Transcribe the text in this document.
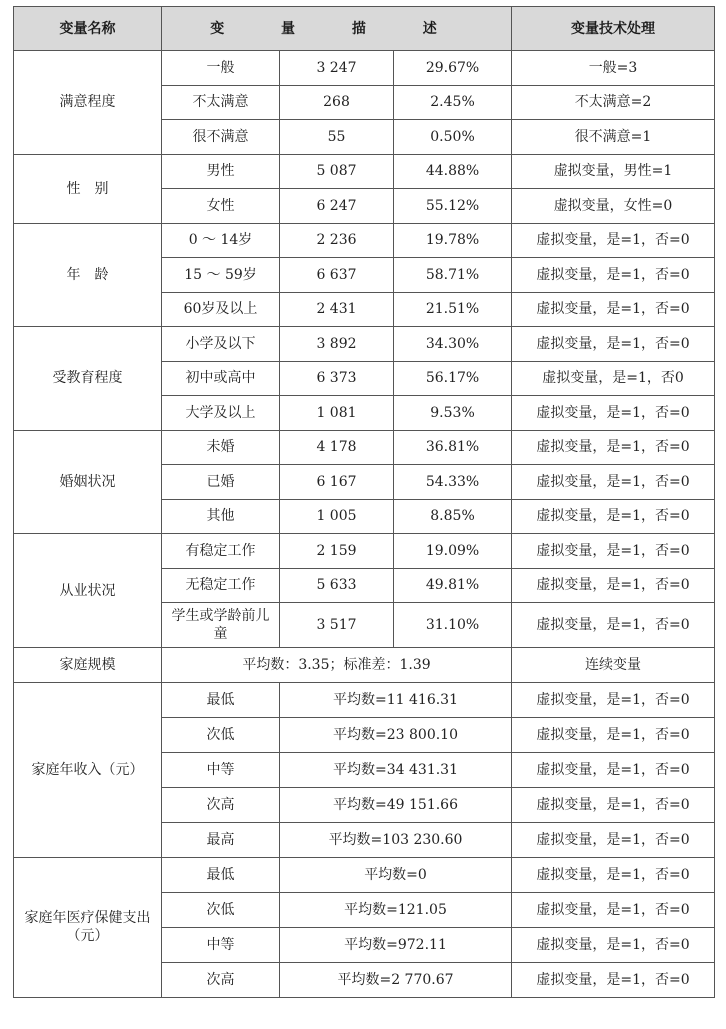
变量名称	变 量 描 述			变量技术处理
满意程度	一般	3 247	29.67%	一般=3
	不太满意	268	2.45%	不太满意=2
	很不满意	55	0.50%	很不满意=1
性　别	男性	5 087	44.88%	虚拟变量，男性=1
	女性	6 247	55.12%	虚拟变量，女性=0
年　龄	0 ～ 14岁	2 236	19.78%	虚拟变量，是=1，否=0
	15 ～ 59岁	6 637	58.71%	虚拟变量，是=1，否=0
	60岁及以上	2 431	21.51%	虚拟变量，是=1，否=0
受教育程度	小学及以下	3 892	34.30%	虚拟变量，是=1，否=0
	初中或高中	6 373	56.17%	虚拟变量，是=1，否0
	大学及以上	1 081	9.53%	虚拟变量，是=1，否=0
婚姻状况	未婚	4 178	36.81%	虚拟变量，是=1，否=0
	已婚	6 167	54.33%	虚拟变量，是=1，否=0
	其他	1 005	8.85%	虚拟变量，是=1，否=0
从业状况	有稳定工作	2 159	19.09%	虚拟变量，是=1，否=0
	无稳定工作	5 633	49.81%	虚拟变量，是=1，否=0
	学生或学龄前儿童	3 517	31.10%	虚拟变量，是=1，否=0
家庭规模	平均数：3.35；标准差：1.39			连续变量
家庭年收入（元）	最低	平均数=11 416.31		虚拟变量，是=1，否=0
	次低	平均数=23 800.10		虚拟变量，是=1，否=0
	中等	平均数=34 431.31		虚拟变量，是=1，否=0
	次高	平均数=49 151.66		虚拟变量，是=1，否=0
	最高	平均数=103 230.60		虚拟变量，是=1，否=0
家庭年医疗保健支出（元）	最低	平均数=0		虚拟变量，是=1，否=0
	次低	平均数=121.05		虚拟变量，是=1，否=0
	中等	平均数=972.11		虚拟变量，是=1，否=0
	次高	平均数=2 770.67		虚拟变量，是=1，否=0
